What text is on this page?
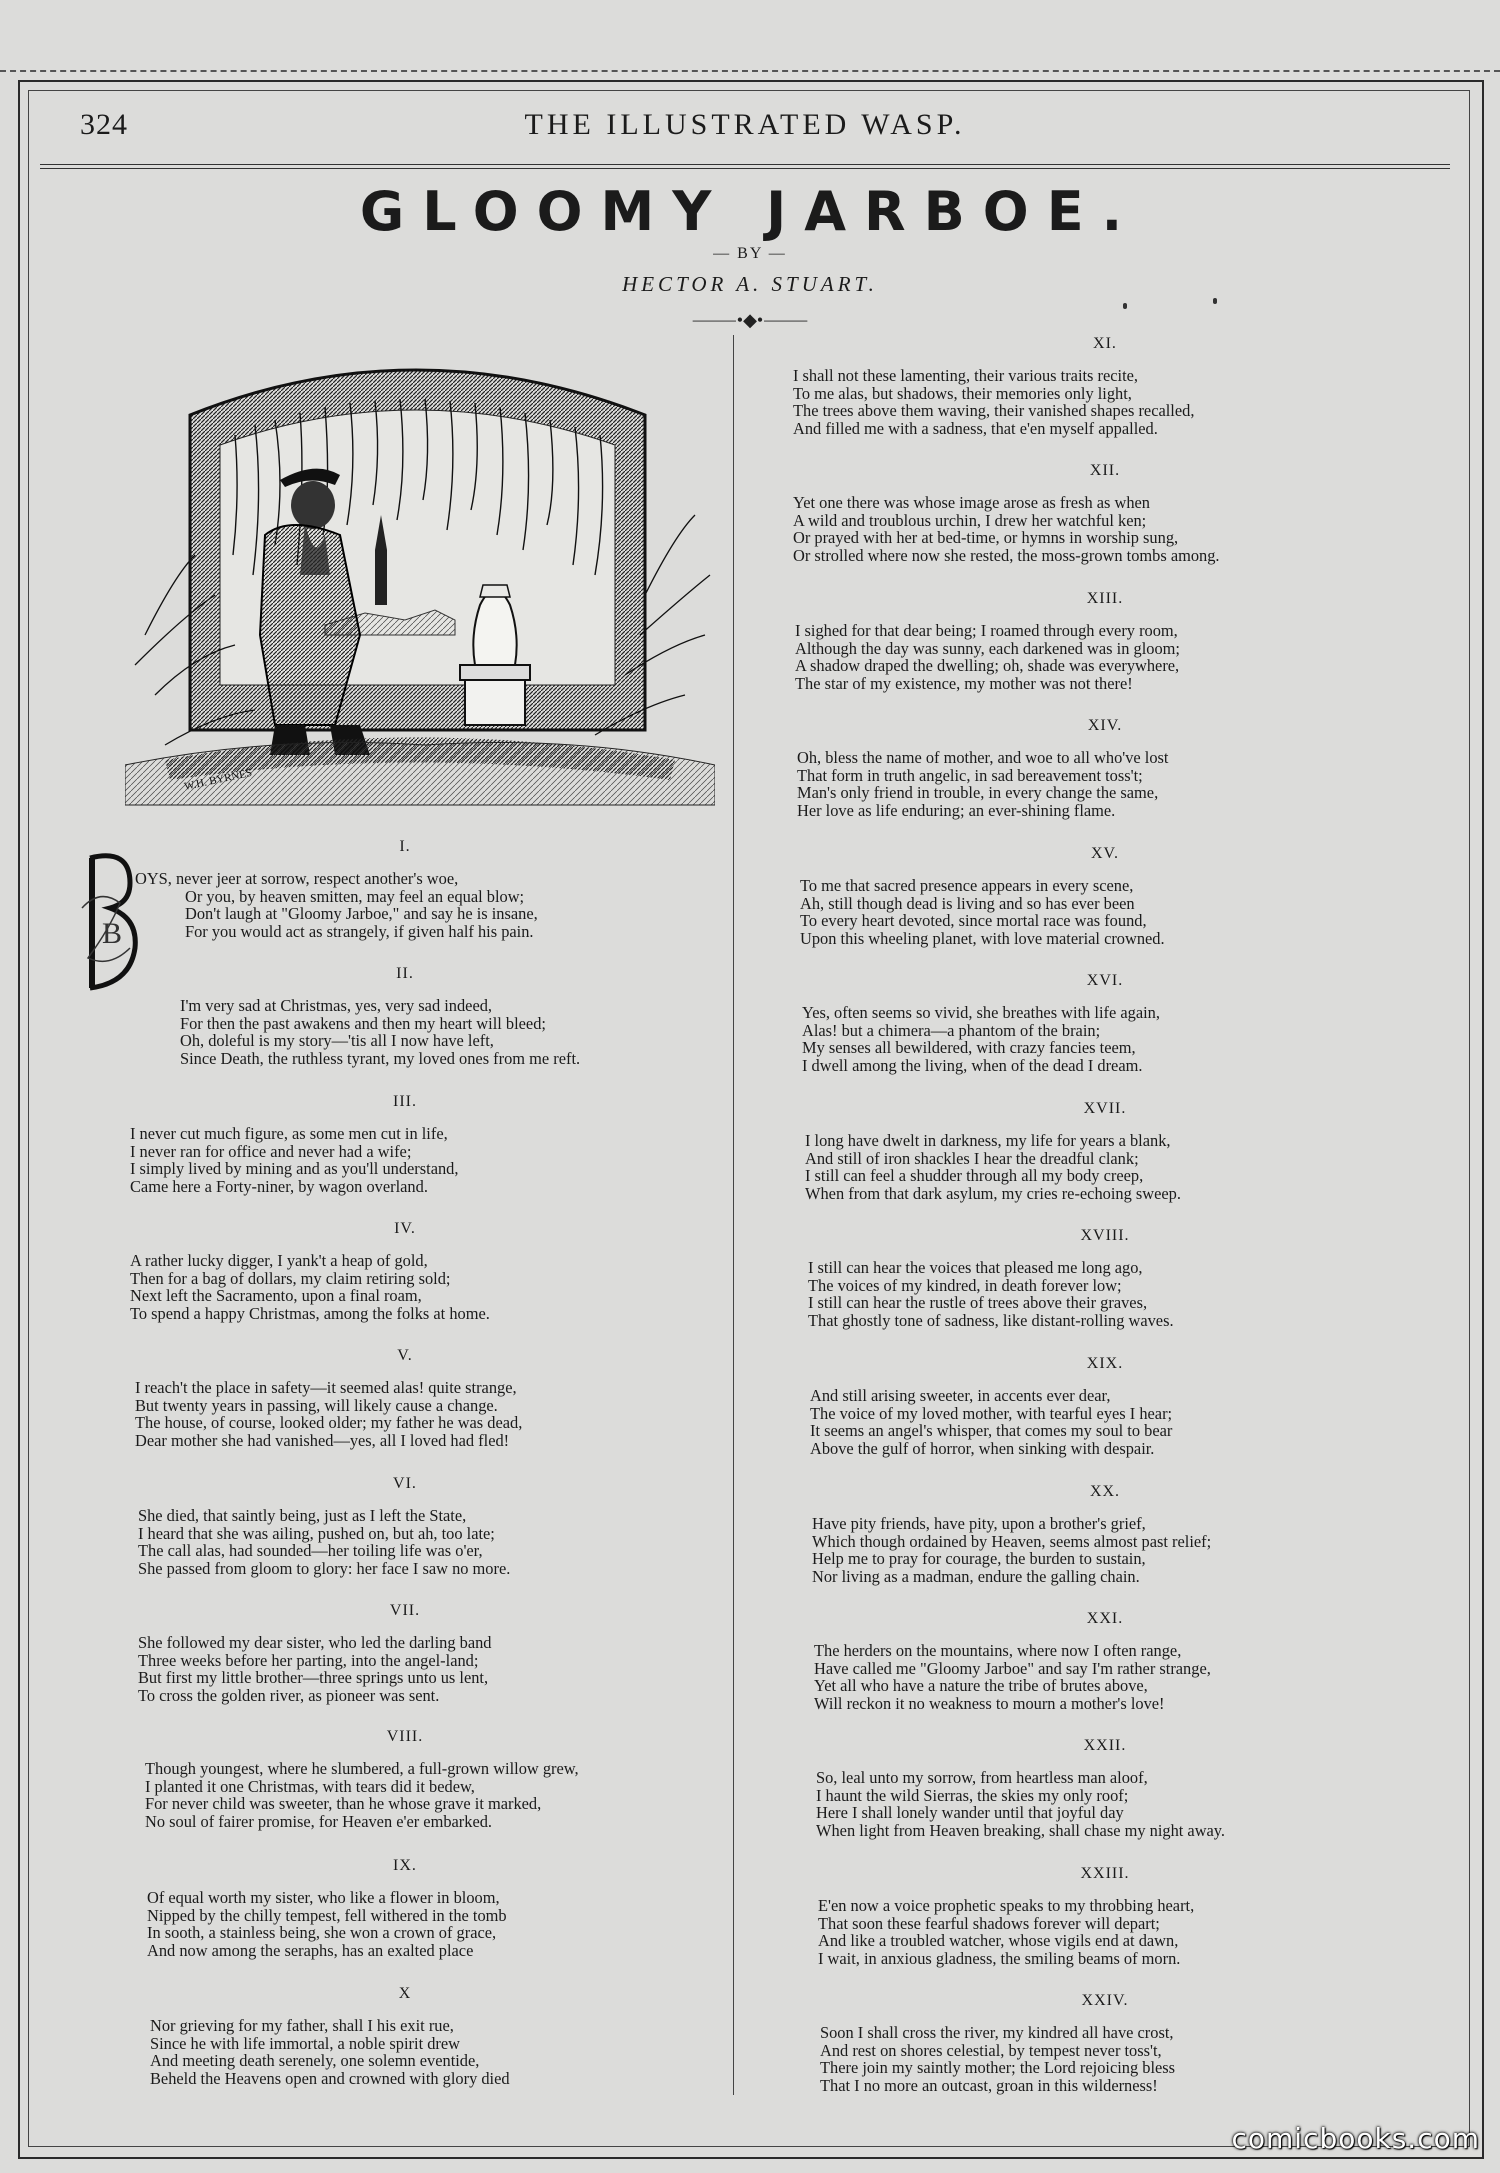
324	THE ILLUSTRATED WASP.
GLOOMY JARBOE.
— BY —
HECTOR A. STUART.
⸻•◆•⸻
W.H. BYRNES
B
I.
OYS, never jeer at sorrow, respect another's woe,
Or you, by heaven smitten, may feel an equal blow;
Don't laugh at "Gloomy Jarboe," and say he is insane,
For you would act as strangely, if given half his pain.
II.
I'm very sad at Christmas, yes, very sad indeed,
For then the past awakens and then my heart will bleed;
Oh, doleful is my story—'tis all I now have left,
Since Death, the ruthless tyrant, my loved ones from me reft.
III.
I never cut much figure, as some men cut in life,
I never ran for office and never had a wife;
I simply lived by mining and as you'll understand,
Came here a Forty-niner, by wagon overland.
IV.
A rather lucky digger, I yank't a heap of gold,
Then for a bag of dollars, my claim retiring sold;
Next left the Sacramento, upon a final roam,
To spend a happy Christmas, among the folks at home.
V.
I reach't the place in safety—it seemed alas! quite strange,
But twenty years in passing, will likely cause a change.
The house, of course, looked older; my father he was dead,
Dear mother she had vanished—yes, all I loved had fled!
VI.
She died, that saintly being, just as I left the State,
I heard that she was ailing, pushed on, but ah, too late;
The call alas, had sounded—her toiling life was o'er,
She passed from gloom to glory: her face I saw no more.
VII.
She followed my dear sister, who led the darling band
Three weeks before her parting, into the angel-land;
But first my little brother—three springs unto us lent,
To cross the golden river, as pioneer was sent.
VIII.
Though youngest, where he slumbered, a full-grown willow grew,
I planted it one Christmas, with tears did it bedew,
For never child was sweeter, than he whose grave it marked,
No soul of fairer promise, for Heaven e'er embarked.
IX.
Of equal worth my sister, who like a flower in bloom,
Nipped by the chilly tempest, fell withered in the tomb
In sooth, a stainless being, she won a crown of grace,
And now among the seraphs, has an exalted place
X
Nor grieving for my father, shall I his exit rue,
Since he with life immortal, a noble spirit drew
And meeting death serenely, one solemn eventide,
Beheld the Heavens open and crowned with glory died
XI.
I shall not these lamenting, their various traits recite,
To me alas, but shadows, their memories only light,
The trees above them waving, their vanished shapes recalled,
And filled me with a sadness, that e'en myself appalled.
XII.
Yet one there was whose image arose as fresh as when
A wild and troublous urchin, I drew her watchful ken;
Or prayed with her at bed-time, or hymns in worship sung,
Or strolled where now she rested, the moss-grown tombs among.
XIII.
I sighed for that dear being; I roamed through every room,
Although the day was sunny, each darkened was in gloom;
A shadow draped the dwelling; oh, shade was everywhere,
The star of my existence, my mother was not there!
XIV.
Oh, bless the name of mother, and woe to all who've lost
That form in truth angelic, in sad bereavement toss't;
Man's only friend in trouble, in every change the same,
Her love as life enduring; an ever-shining flame.
XV.
To me that sacred presence appears in every scene,
Ah, still though dead is living and so has ever been
To every heart devoted, since mortal race was found,
Upon this wheeling planet, with love material crowned.
XVI.
Yes, often seems so vivid, she breathes with life again,
Alas! but a chimera—a phantom of the brain;
My senses all bewildered, with crazy fancies teem,
I dwell among the living, when of the dead I dream.
XVII.
I long have dwelt in darkness, my life for years a blank,
And still of iron shackles I hear the dreadful clank;
I still can feel a shudder through all my body creep,
When from that dark asylum, my cries re-echoing sweep.
XVIII.
I still can hear the voices that pleased me long ago,
The voices of my kindred, in death forever low;
I still can hear the rustle of trees above their graves,
That ghostly tone of sadness, like distant-rolling waves.
XIX.
And still arising sweeter, in accents ever dear,
The voice of my loved mother, with tearful eyes I hear;
It seems an angel's whisper, that comes my soul to bear
Above the gulf of horror, when sinking with despair.
XX.
Have pity friends, have pity, upon a brother's grief,
Which though ordained by Heaven, seems almost past relief;
Help me to pray for courage, the burden to sustain,
Nor living as a madman, endure the galling chain.
XXI.
The herders on the mountains, where now I often range,
Have called me "Gloomy Jarboe" and say I'm rather strange,
Yet all who have a nature the tribe of brutes above,
Will reckon it no weakness to mourn a mother's love!
XXII.
So, leal unto my sorrow, from heartless man aloof,
I haunt the wild Sierras, the skies my only roof;
Here I shall lonely wander until that joyful day
When light from Heaven breaking, shall chase my night away.
XXIII.
E'en now a voice prophetic speaks to my throbbing heart,
That soon these fearful shadows forever will depart;
And like a troubled watcher, whose vigils end at dawn,
I wait, in anxious gladness, the smiling beams of morn.
XXIV.
Soon I shall cross the river, my kindred all have crost,
And rest on shores celestial, by tempest never toss't,
There join my saintly mother; the Lord rejoicing bless
That I no more an outcast, groan in this wilderness!
comicbooks.com
